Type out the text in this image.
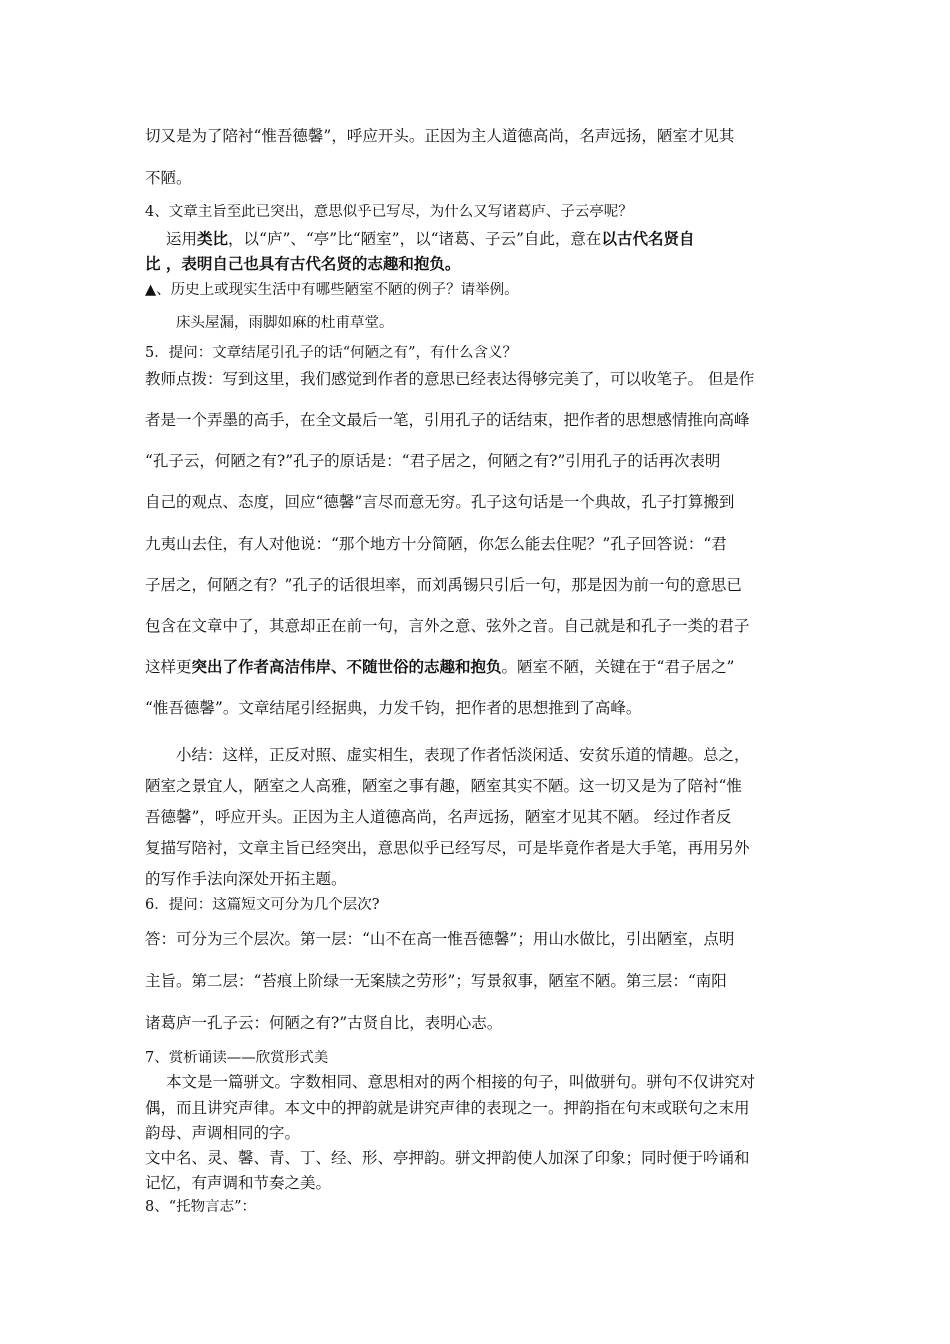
切又是为了陪衬“惟吾德馨”，呼应开头。正因为主人道德高尚，名声远扬，陋室才见其
不陋。
4、文章主旨至此已突出，意思似乎已写尽，为什么又写诸葛庐、子云亭呢？
运用类比，以“庐”、“亭”比“陋室”，以“诸葛、子云”自此，意在以古代名贤自
比 ，表明自己也具有古代名贤的志趣和抱负。
▲、历史上或现实生活中有哪些陋室不陋的例子？请举例。
床头屋漏，雨脚如麻的杜甫草堂。
5．提问：文章结尾引孔子的话“何陋之有”，有什么含义？
教师点拨：写到这里，我们感觉到作者的意思已经表达得够完美了，可以收笔子。 但是作
者是一个弄墨的高手，在全文最后一笔，引用孔子的话结束，把作者的思想感情推向高峰
“孔子云，何陋之有?”孔子的原话是：“君子居之，何陋之有?”引用孔子的话再次表明
自己的观点、态度，回应“德馨”言尽而意无穷。孔子这句话是一个典故，孔子打算搬到
九夷山去住，有人对他说：“那个地方十分简陋，你怎么能去住呢？”孔子回答说：“君
子居之，何陋之有？”孔子的话很坦率，而刘禹锡只引后一句，那是因为前一句的意思已
包含在文章中了，其意却正在前一句，言外之意、弦外之音。自己就是和孔子一类的君子
这样更突出了作者高洁伟岸、不随世俗的志趣和抱负。陋室不陋，关键在于“君子居之”
“惟吾德馨”。文章结尾引经据典，力发千钧，把作者的思想推到了高峰。
小结：这样，正反对照、虚实相生，表现了作者恬淡闲适、安贫乐道的情趣。总之，
陋室之景宜人，陋室之人高雅，陋室之事有趣，陋室其实不陋。这一切又是为了陪衬“惟
吾德馨”，呼应开头。正因为主人道德高尚，名声远扬，陋室才见其不陋。 经过作者反
复描写陪衬，文章主旨已经突出，意思似乎已经写尽，可是毕竟作者是大手笔，再用另外
的写作手法向深处开拓主题。
6．提问：这篇短文可分为几个层次?
答：可分为三个层次。第一层：“山不在高一惟吾德馨”；用山水做比，引出陋室，点明
主旨。第二层：“苔痕上阶绿一无案牍之劳形”；写景叙事，陋室不陋。第三层：“南阳
诸葛庐一孔子云：何陋之有?”古贤自比，表明心志。
7、赏析诵读——欣赏形式美
本文是一篇骈文。字数相同、意思相对的两个相接的句子，叫做骈句。骈句不仅讲究对
偶，而且讲究声律。本文中的押韵就是讲究声律的表现之一。押韵指在句末或联句之末用
韵母、声调相同的字。
文中名、灵、馨、青、丁、经、形、亭押韵。骈文押韵使人加深了印象；同时便于吟诵和
记忆，有声调和节奏之美。
8、“托物言志”：
